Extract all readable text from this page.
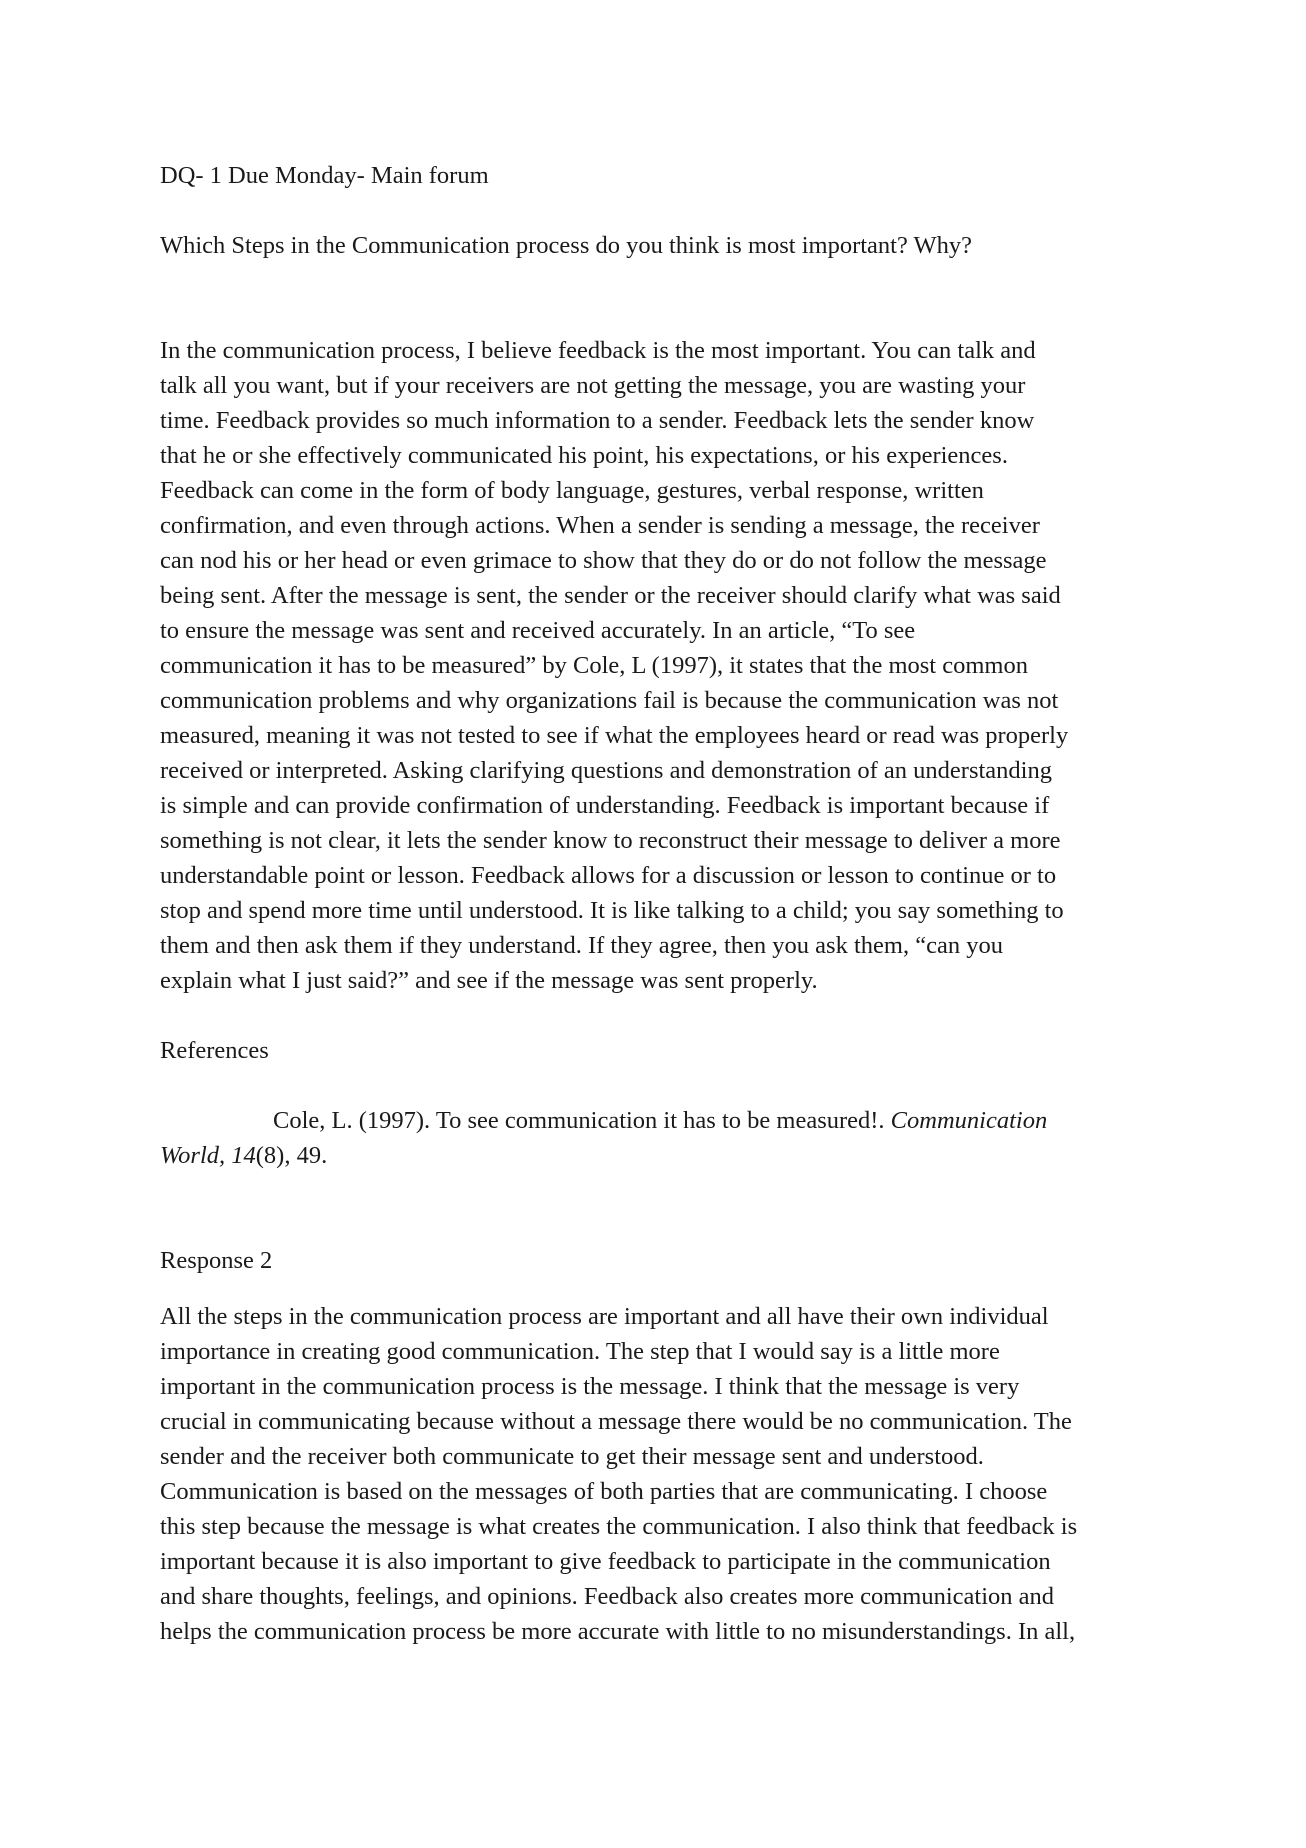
DQ- 1 Due Monday- Main forum

Which Steps in the Communication process do you think is most important? Why?

In the communication process, I believe feedback is the most important. You can talk and

talk all you want, but if your receivers are not getting the message, you are wasting your

time. Feedback provides so much information to a sender. Feedback lets the sender know

that he or she effectively communicated his point, his expectations, or his experiences.

Feedback can come in the form of body language, gestures, verbal response, written

confirmation, and even through actions. When a sender is sending a message, the receiver

can nod his or her head or even grimace to show that they do or do not follow the message

being sent. After the message is sent, the sender or the receiver should clarify what was said

to ensure the message was sent and received accurately. In an article, “To see

communication it has to be measured” by Cole, L (1997), it states that the most common

communication problems and why organizations fail is because the communication was not

measured, meaning it was not tested to see if what the employees heard or read was properly

received or interpreted. Asking clarifying questions and demonstration of an understanding

is simple and can provide confirmation of understanding. Feedback is important because if

something is not clear, it lets the sender know to reconstruct their message to deliver a more

understandable point or lesson. Feedback allows for a discussion or lesson to continue or to

stop and spend more time until understood. It is like talking to a child; you say something to

them and then ask them if they understand. If they agree, then you ask them, “can you

explain what I just said?” and see if the message was sent properly.

References

Cole, L. (1997). To see communication it has to be measured!. Communication

World, 14(8), 49.

Response 2

All the steps in the communication process are important and all have their own individual

importance in creating good communication. The step that I would say is a little more

important in the communication process is the message. I think that the message is very

crucial in communicating because without a message there would be no communication. The

sender and the receiver both communicate to get their message sent and understood.

Communication is based on the messages of both parties that are communicating. I choose

this step because the message is what creates the communication. I also think that feedback is

important because it is also important to give feedback to participate in the communication

and share thoughts, feelings, and opinions. Feedback also creates more communication and

helps the communication process be more accurate with little to no misunderstandings. In all,
